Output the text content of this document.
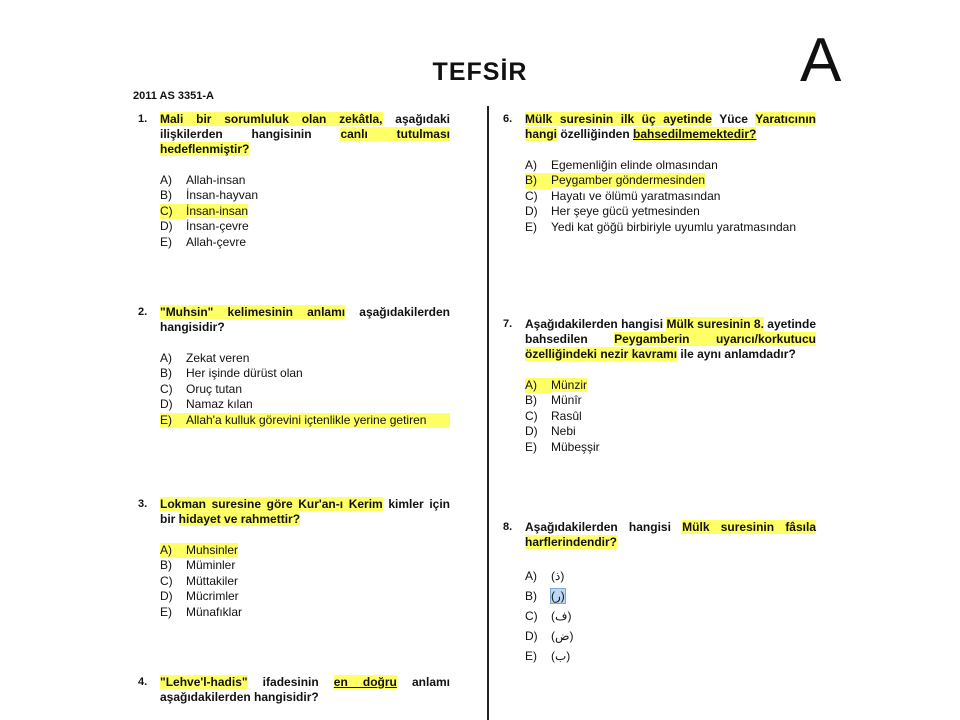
TEFSİR	A
2011 AS 3351-A
1. Mali bir sorumluluk olan zekâtla, aşağıdaki ilişkilerden hangisinin canlı tutulması hedeflenmiştir?
A)	Allah-insan
B)	İnsan-hayvan
C)	İnsan-insan
D)	İnsan-çevre
E)	Allah-çevre
2. "Muhsin" kelimesinin anlamı aşağıdakilerden hangisidir?
A)	Zekat veren
B)	Her işinde dürüst olan
C)	Oruç tutan
D)	Namaz kılan
E)	Allah'a kulluk görevini içtenlikle yerine getiren
3. Lokman suresine göre Kur'an-ı Kerim kimler için bir hidayet ve rahmettir?
A)	Muhsinler
B)	Müminler
C)	Müttakiler
D)	Mücrimler
E)	Münafıklar
4. "Lehve'l-hadis" ifadesinin en doğru anlamı aşağıdakilerden hangisidir?
6. Mülk suresinin ilk üç ayetinde Yüce Yaratıcının hangi özelliğinden bahsedilmemektedir?
A)	Egemenliğin elinde olmasından
B)	Peygamber göndermesinden
C)	Hayatı ve ölümü yaratmasından
D)	Her şeye gücü yetmesinden
E)	Yedi kat göğü birbiriyle uyumlu yaratmasından
7. Aşağıdakilerden hangisi Mülk suresinin 8. ayetinde bahsedilen Peygamberin uyarıcı/korkutucu özelliğindeki nezir kavramı ile aynı anlamdadır?
A)	Münzir
B)	Münîr
C)	Rasûl
D)	Nebi
E)	Mübeşşir
8. Aşağıdakilerden hangisi Mülk suresinin fâsıla harflerindendir?
A)	(ذ)
B)	(ر)
C)	(ف)
D)	(ض)
E)	(ب)
